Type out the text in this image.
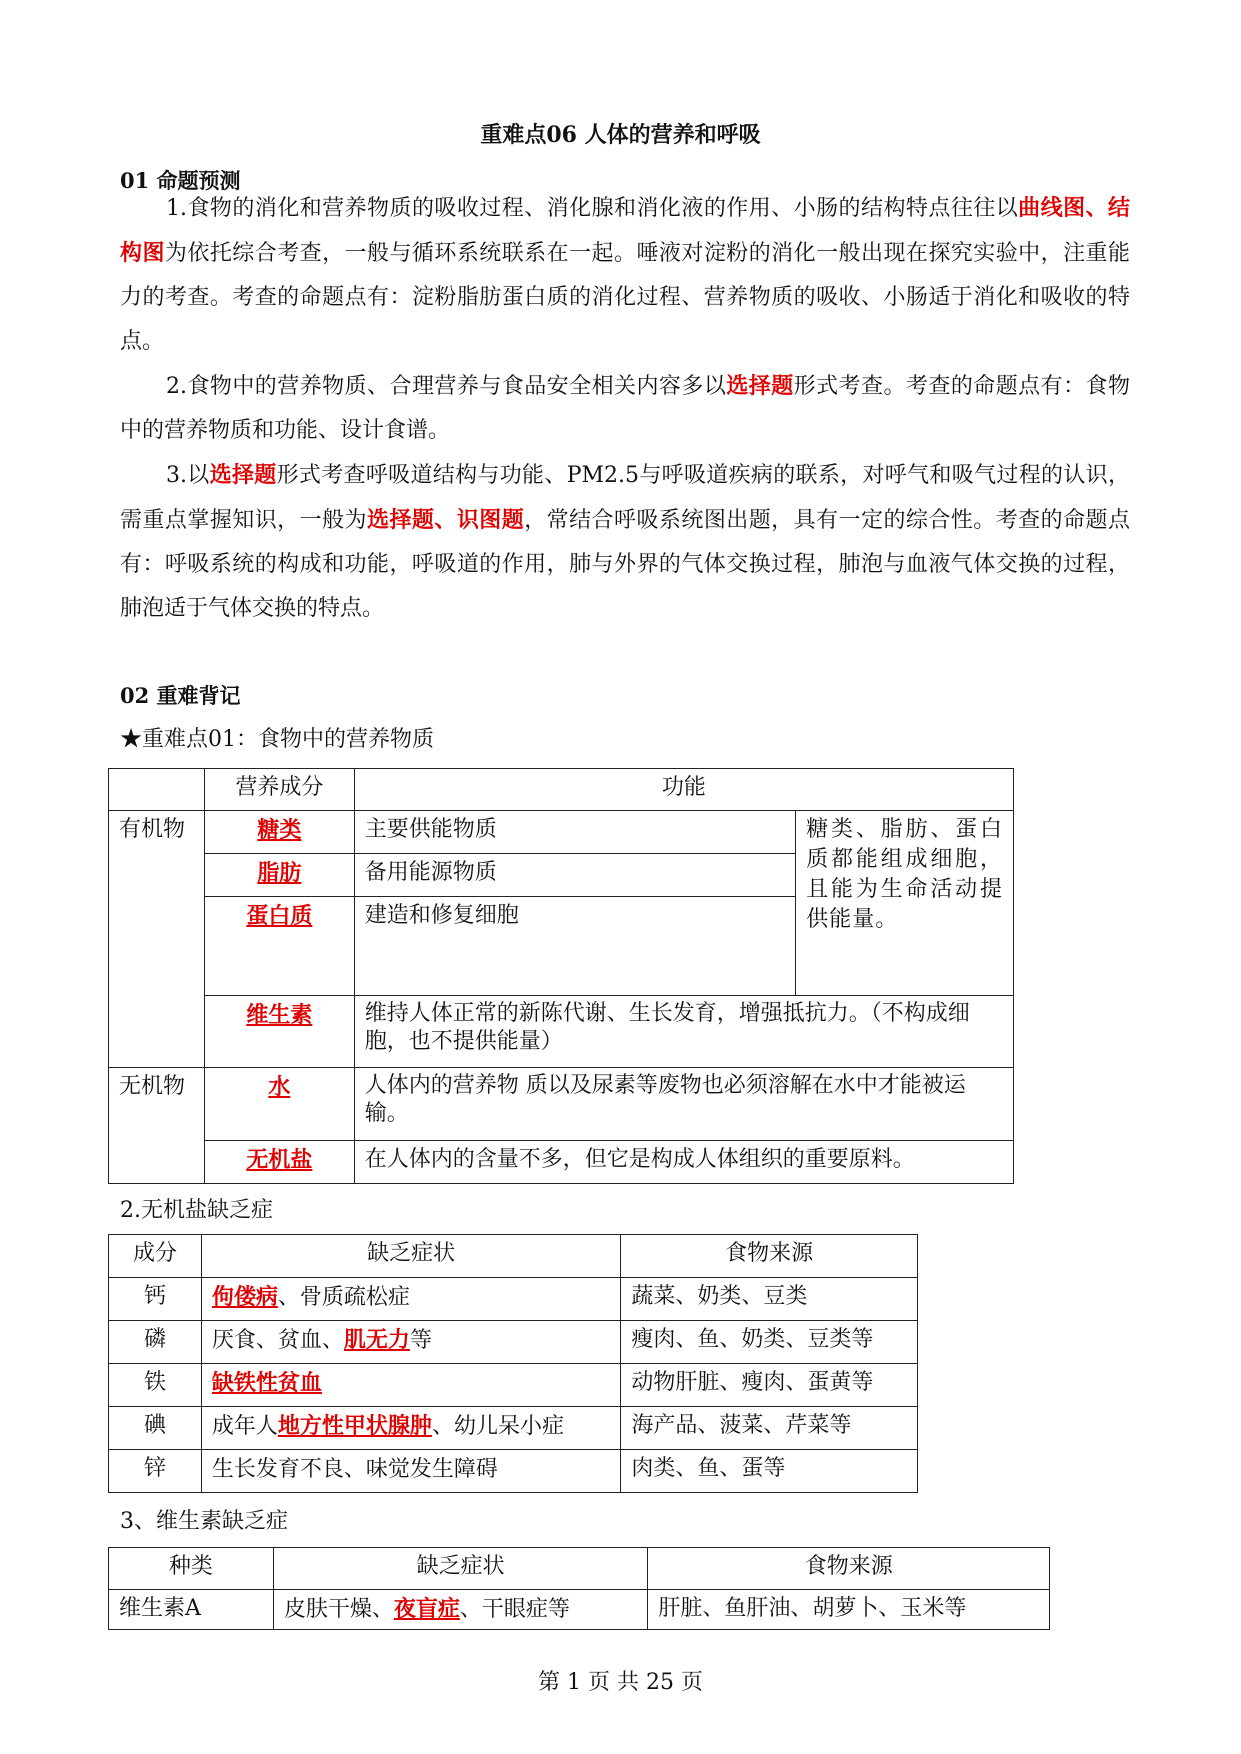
重难点06 人体的营养和呼吸
01 命题预测

1.食物的消化和营养物质的吸收过程、消化腺和消化液的作用、小肠的结构特点往往以曲线图、结构图为依托综合考查，一般与循环系统联系在一起。唾液对淀粉的消化一般出现在探究实验中，注重能力的考查。考查的命题点有：淀粉脂肪蛋白质的消化过程、营养物质的吸收、小肠适于消化和吸收的特点。

2.食物中的营养物质、合理营养与食品安全相关内容多以选择题形式考查。考查的命题点有：食物中的营养物质和功能、设计食谱。

3.以选择题形式考查呼吸道结构与功能、PM2.5与呼吸道疾病的联系，对呼气和吸气过程的认识，需重点掌握知识，一般为选择题、识图题，常结合呼吸系统图出题，具有一定的综合性。考查的命题点有：呼吸系统的构成和功能，呼吸道的作用，肺与外界的气体交换过程，肺泡与血液气体交换的过程，肺泡适于气体交换的特点。

02 重难背记
★重难点01：食物中的营养物质
	营养成分	功能	
有机物	糖类	主要供能物质	糖类、脂肪、蛋白质都能组成细胞，且能为生命活动提供能量。
	脂肪	备用能源物质	
	蛋白质	建造和修复细胞	
	维生素	维持人体正常的新陈代谢、生长发育，增强抵抗力。（不构成细胞，也不提供能量）	
无机物	水	人体内的营养物 质以及尿素等废物也必须溶解在水中才能被运输。	
	无机盐	在人体内的含量不多，但它是构成人体组织的重要原料。	
2.无机盐缺乏症
成分	缺乏症状	食物来源
钙	佝偻病、骨质疏松症	蔬菜、奶类、豆类
磷	厌食、贫血、肌无力等	瘦肉、鱼、奶类、豆类等
铁	缺铁性贫血	动物肝脏、瘦肉、蛋黄等
碘	成年人地方性甲状腺肿、幼儿呆小症	海产品、菠菜、芹菜等
锌	生长发育不良、味觉发生障碍	肉类、鱼、蛋等
3、维生素缺乏症
种类	缺乏症状	食物来源
维生素A	皮肤干燥、夜盲症、干眼症等	肝脏、鱼肝油、胡萝卜、玉米等
第 1 页 共 25 页
